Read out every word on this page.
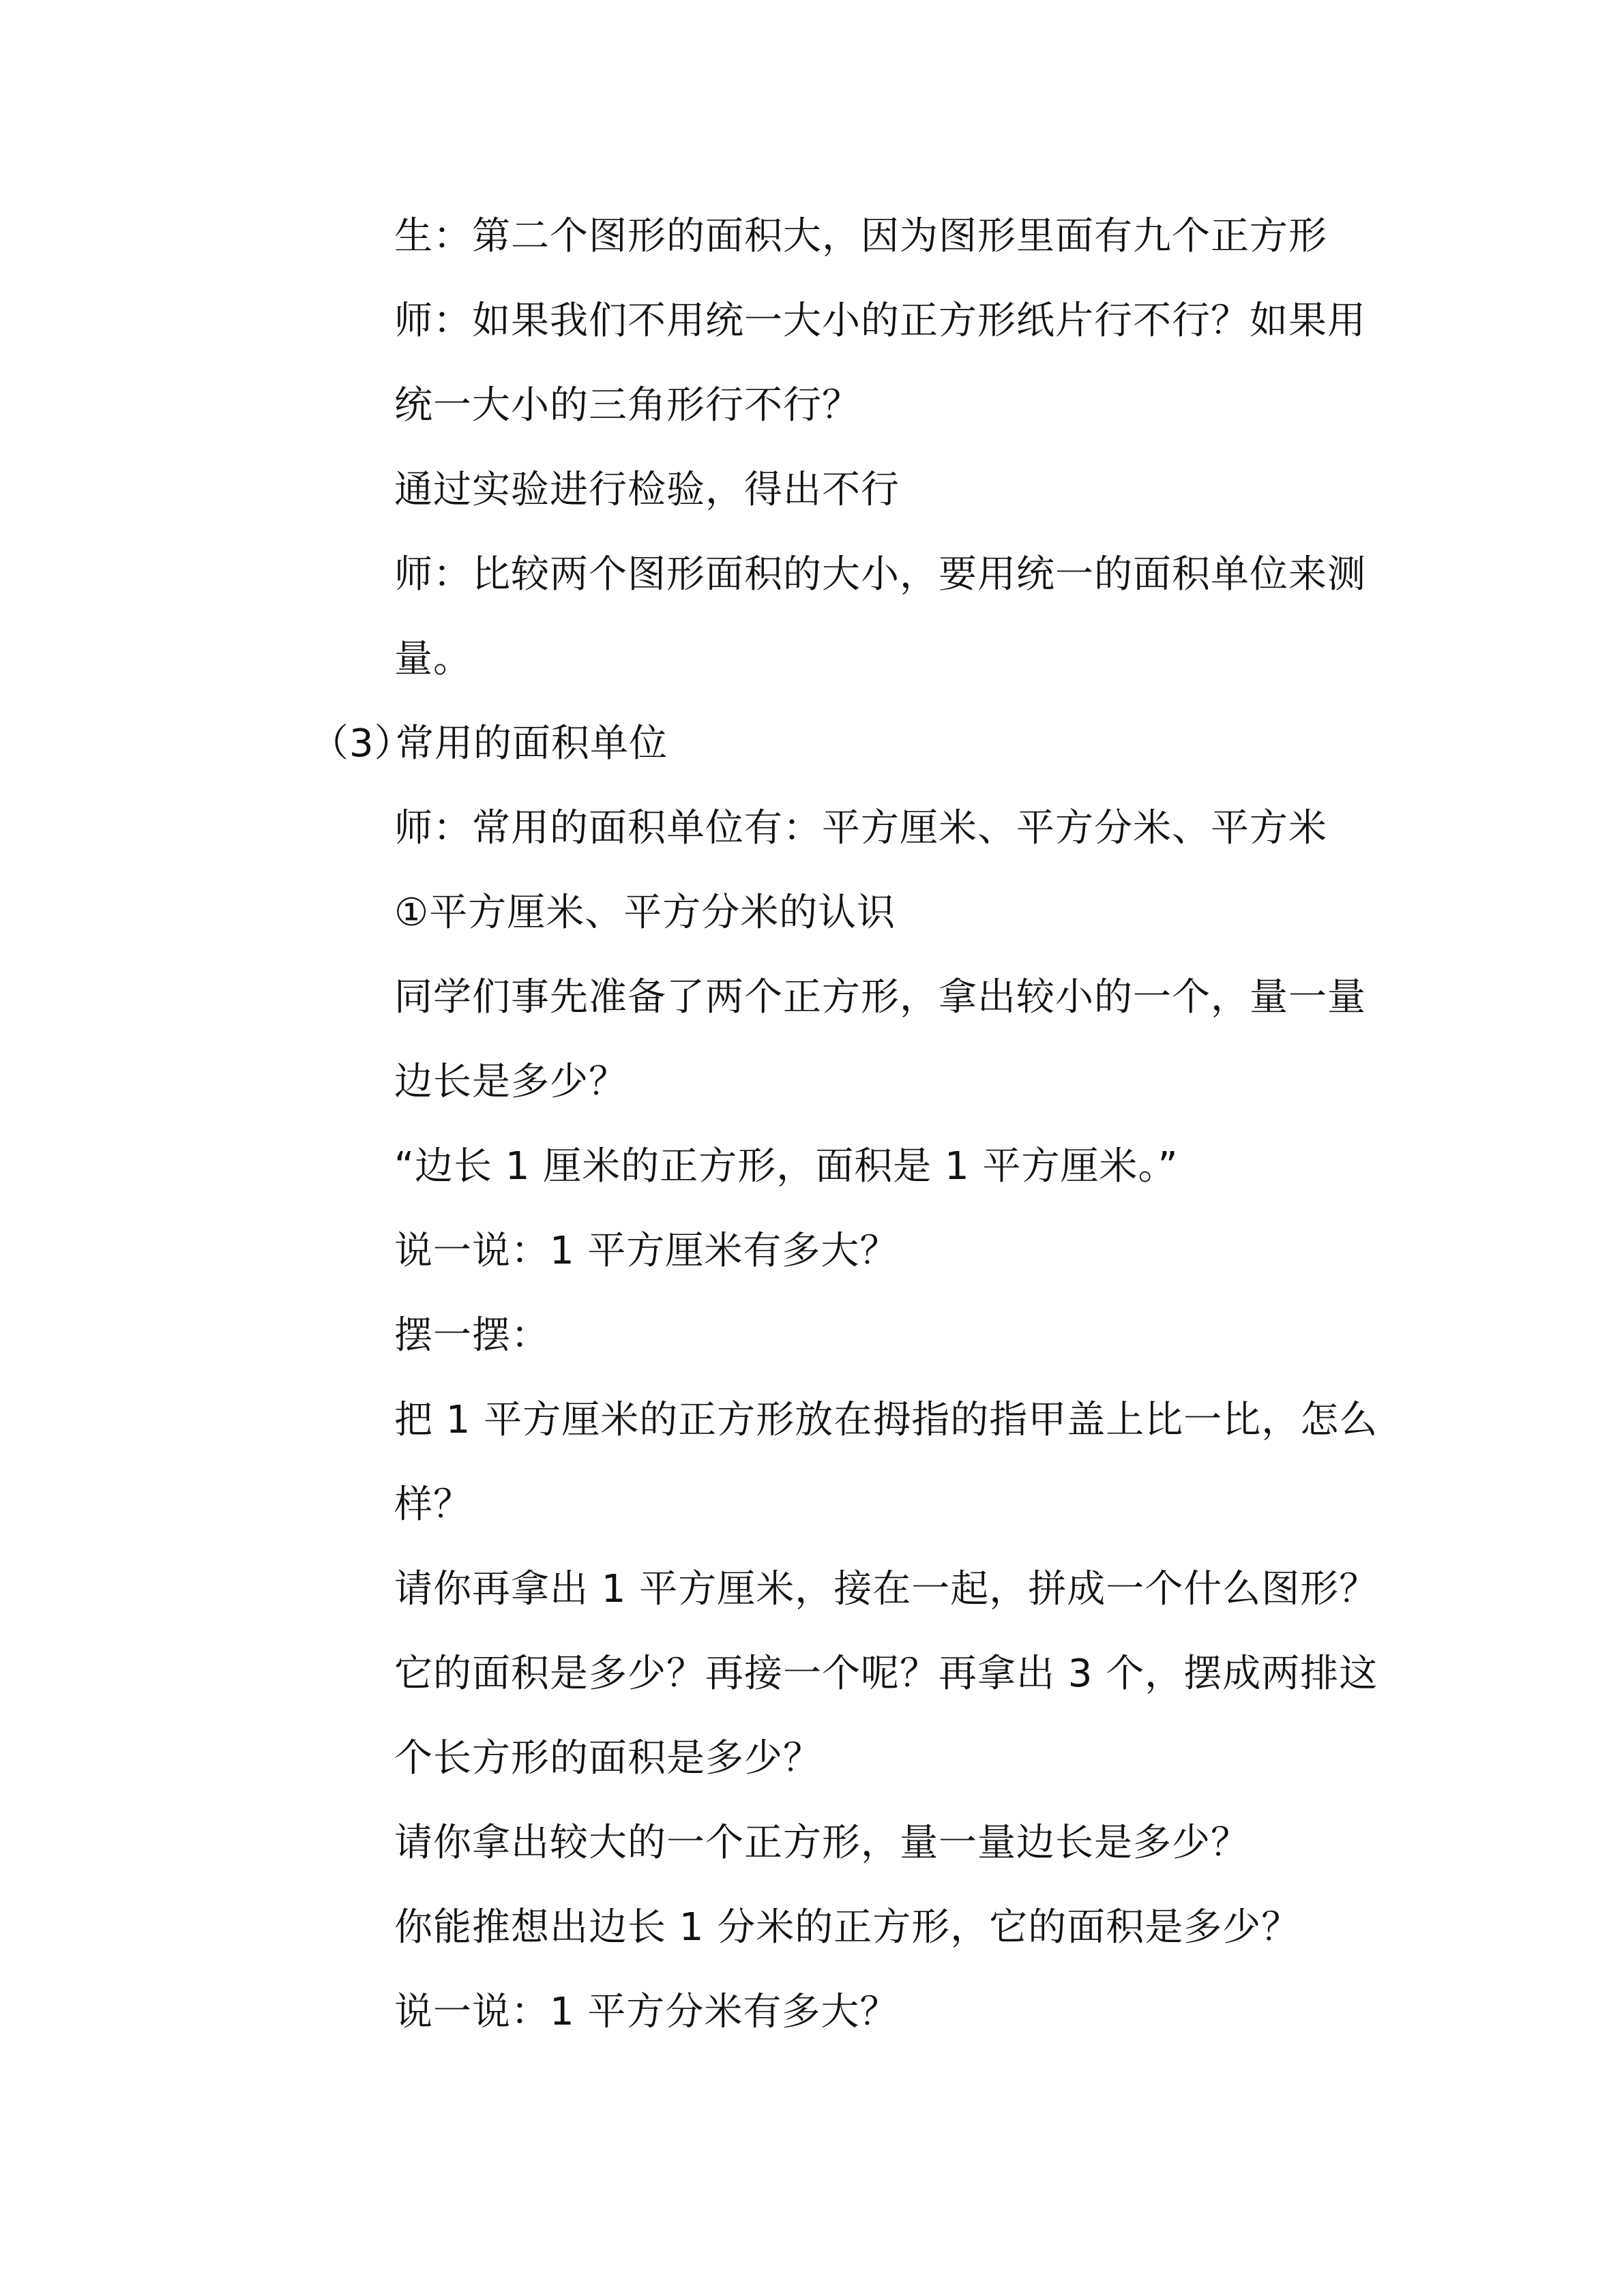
生：第二个图形的面积大，因为图形里面有九个正方形
师：如果我们不用统一大小的正方形纸片行不行？如果用
统一大小的三角形行不行？
通过实验进行检验，得出不行
师：比较两个图形面积的大小，要用统一的面积单位来测
量。
（3）常用的面积单位
师：常用的面积单位有：平方厘米、平方分米、平方米
①平方厘米、平方分米的认识
同学们事先准备了两个正方形，拿出较小的一个，量一量
边长是多少？
“边长 1 厘米的正方形，面积是 1 平方厘米。”
说一说：1 平方厘米有多大？
摆一摆：
把 1 平方厘米的正方形放在拇指的指甲盖上比一比，怎么
样？
请你再拿出 1 平方厘米，接在一起，拼成一个什么图形？
它的面积是多少？再接一个呢？再拿出 3 个，摆成两排这
个长方形的面积是多少？
请你拿出较大的一个正方形，量一量边长是多少？
你能推想出边长 1 分米的正方形，它的面积是多少？
说一说：1 平方分米有多大？
